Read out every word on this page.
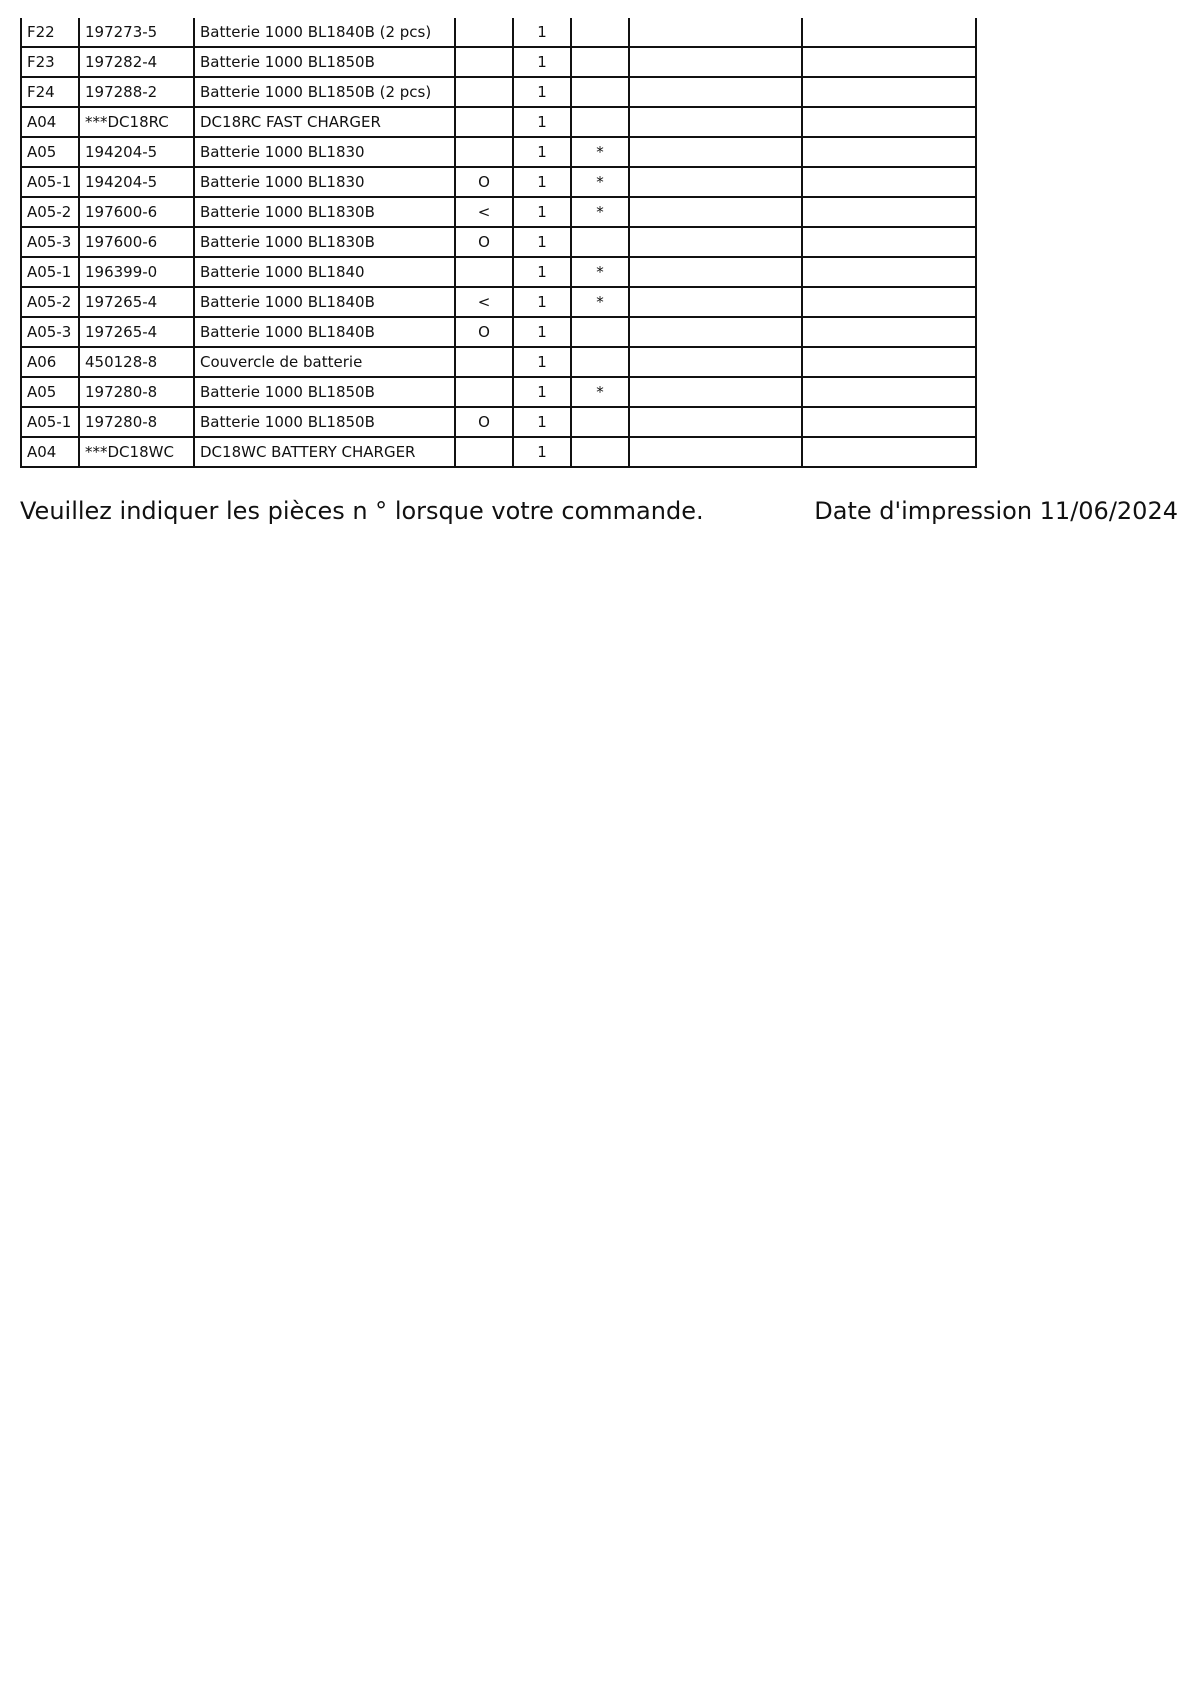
F22	197273-5	Batterie 1000 BL1840B (2 pcs)		1			
F23	197282-4	Batterie 1000 BL1850B		1			
F24	197288-2	Batterie 1000 BL1850B (2 pcs)		1			
A04	***DC18RC	DC18RC FAST CHARGER		1			
A05	194204-5	Batterie 1000 BL1830		1	*		
A05-1	194204-5	Batterie 1000 BL1830	O	1	*		
A05-2	197600-6	Batterie 1000 BL1830B	<	1	*		
A05-3	197600-6	Batterie 1000 BL1830B	O	1			
A05-1	196399-0	Batterie 1000 BL1840		1	*		
A05-2	197265-4	Batterie 1000 BL1840B	<	1	*		
A05-3	197265-4	Batterie 1000 BL1840B	O	1			
A06	450128-8	Couvercle de batterie		1			
A05	197280-8	Batterie 1000 BL1850B		1	*		
A05-1	197280-8	Batterie 1000 BL1850B	O	1			
A04	***DC18WC	DC18WC BATTERY CHARGER		1			
Veuillez indiquer les pièces n ° lorsque votre commande.	Date d'impression 11/06/2024
